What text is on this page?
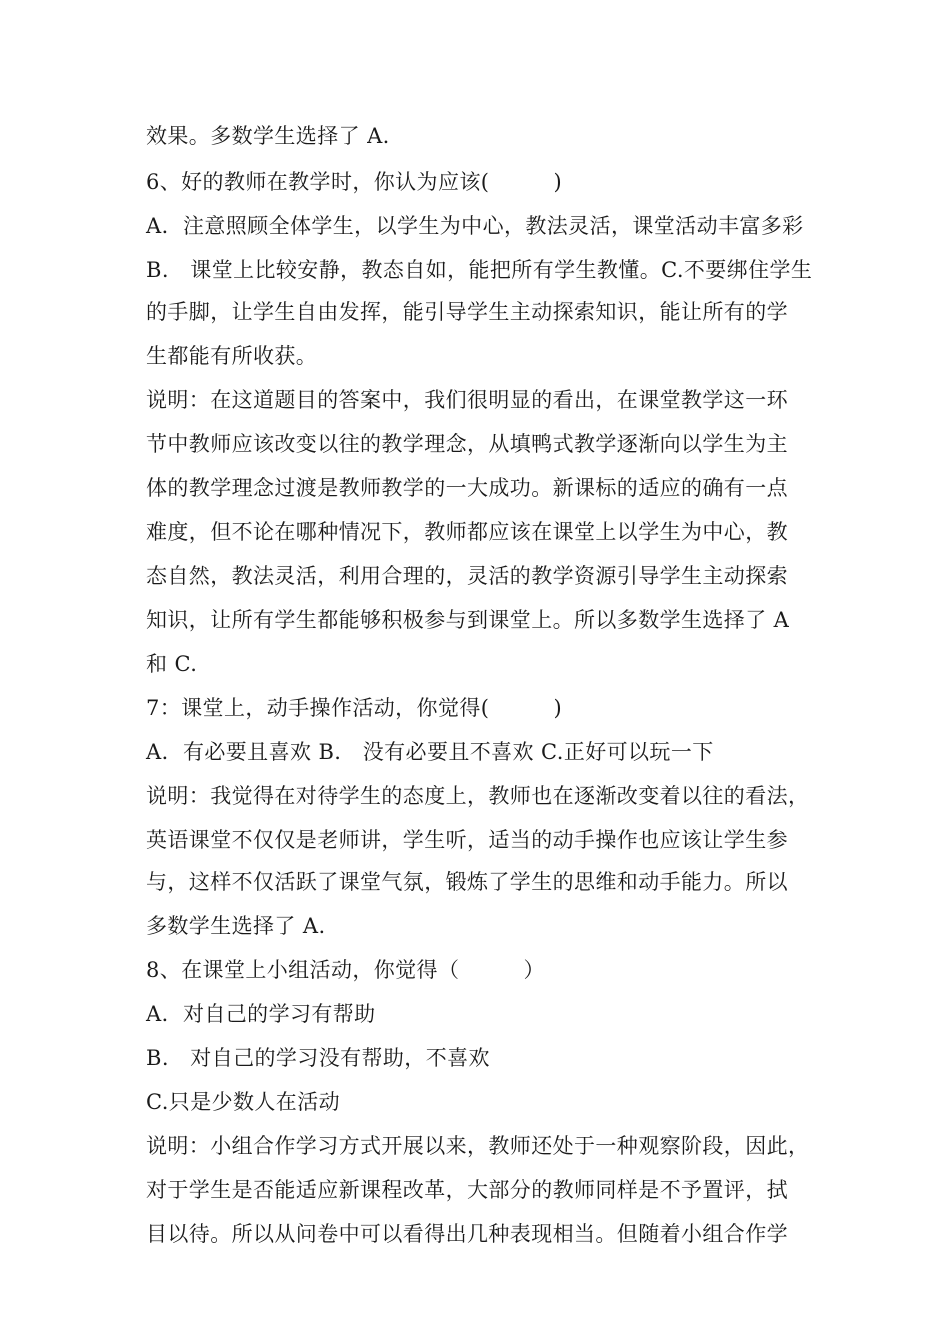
效果。多数学生选择了 A.
6、好的教师在教学时，你认为应该(　　　)
A．注意照顾全体学生，以学生为中心，教法灵活，课堂活动丰富多彩
B.　课堂上比较安静，教态自如，能把所有学生教懂。C.不要绑住学生
的手脚，让学生自由发挥，能引导学生主动探索知识，能让所有的学
生都能有所收获。
说明：在这道题目的答案中，我们很明显的看出，在课堂教学这一环
节中教师应该改变以往的教学理念，从填鸭式教学逐渐向以学生为主
体的教学理念过渡是教师教学的一大成功。新课标的适应的确有一点
难度，但不论在哪种情况下，教师都应该在课堂上以学生为中心，教
态自然，教法灵活，利用合理的，灵活的教学资源引导学生主动探索
知识，让所有学生都能够积极参与到课堂上。所以多数学生选择了 A
和 C.
7：课堂上，动手操作活动，你觉得(　　　)
A．有必要且喜欢 B.　没有必要且不喜欢 C.正好可以玩一下
说明：我觉得在对待学生的态度上，教师也在逐渐改变着以往的看法，
英语课堂不仅仅是老师讲，学生听，适当的动手操作也应该让学生参
与，这样不仅活跃了课堂气氛，锻炼了学生的思维和动手能力。所以
多数学生选择了 A.
8、在课堂上小组活动，你觉得（　　　）
A．对自己的学习有帮助
B.　对自己的学习没有帮助，不喜欢
C.只是少数人在活动
说明：小组合作学习方式开展以来，教师还处于一种观察阶段，因此，
对于学生是否能适应新课程改革，大部分的教师同样是不予置评，拭
目以待。所以从问卷中可以看得出几种表现相当。但随着小组合作学
